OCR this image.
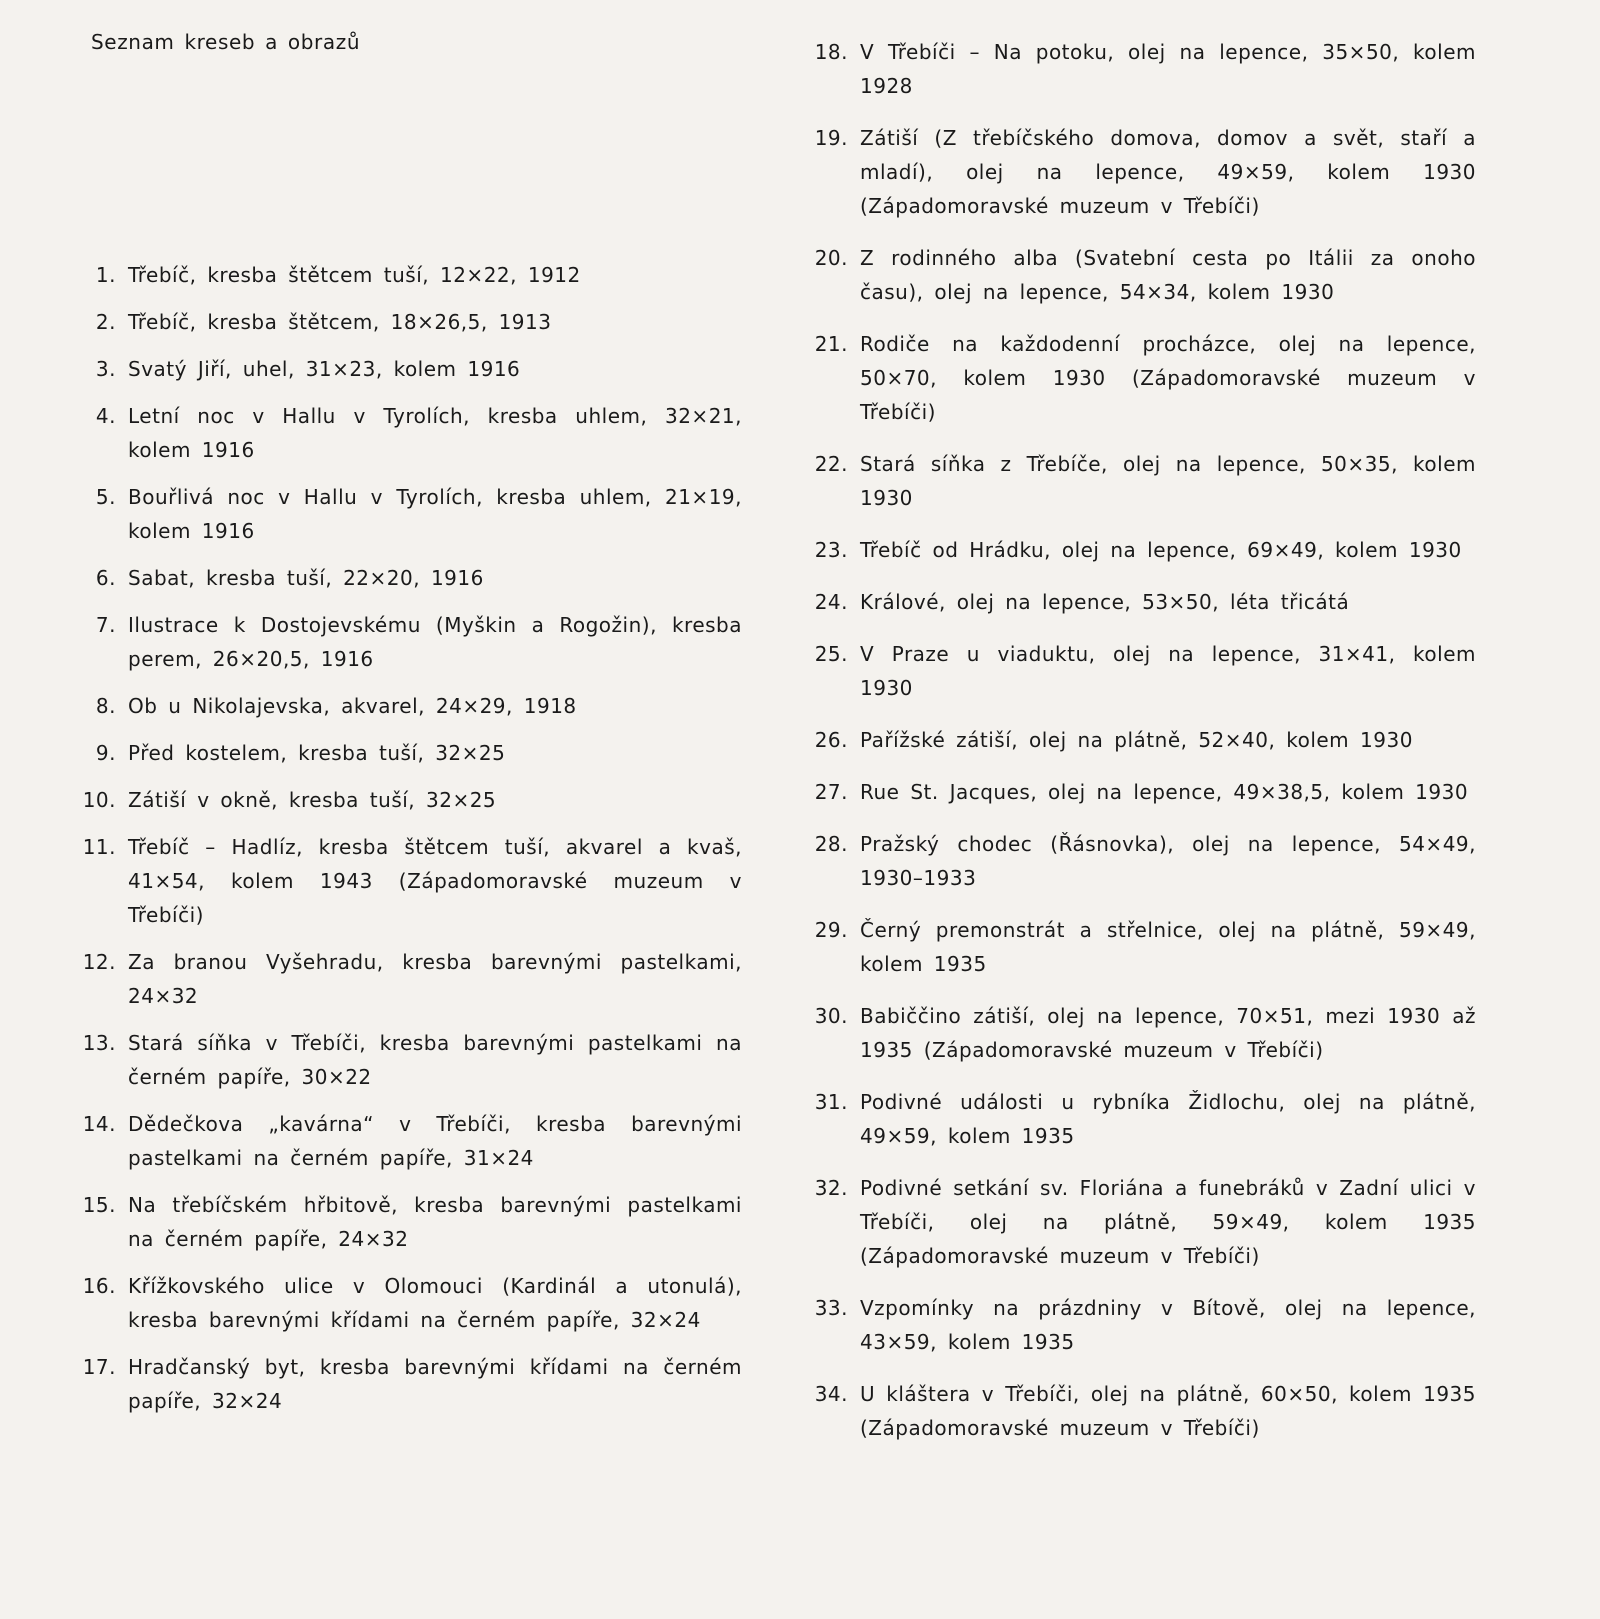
Seznam kreseb a obrazů
1. Třebíč, kresba štětcem tuší, 12×22, 1912
2. Třebíč, kresba štětcem, 18×26,5, 1913
3. Svatý Jiří, uhel, 31×23, kolem 1916
4. Letní noc v Hallu v Tyrolích, kresba uhlem, 32×21, kolem 1916
5. Bouřlivá noc v Hallu v Tyrolích, kresba uhlem, 21×19, kolem 1916
6. Sabat, kresba tuší, 22×20, 1916
7. Ilustrace k Dostojevskému (Myškin a Rogožin), kresba perem, 26×20,5, 1916
8. Ob u Nikolajevska, akvarel, 24×29, 1918
9. Před kostelem, kresba tuší, 32×25
10. Zátiší v okně, kresba tuší, 32×25
11. Třebíč – Hadlíz, kresba štětcem tuší, akvarel a kvaš, 41×54, kolem 1943 (Západomoravské muzeum v Třebíči)
12. Za branou Vyšehradu, kresba barevnými pastelkami, 24×32
13. Stará síňka v Třebíči, kresba barevnými pastelkami na černém papíře, 30×22
14. Dědečkova „kavárna“ v Třebíči, kresba barevnými pastelkami na černém papíře, 31×24
15. Na třebíčském hřbitově, kresba barevnými pastelkami na černém papíře, 24×32
16. Křížkovského ulice v Olomouci (Kardinál a utonulá), kresba barevnými křídami na černém papíře, 32×24
17. Hradčanský byt, kresba barevnými křídami na černém papíře, 32×24
18. V Třebíči – Na potoku, olej na lepence, 35×50, kolem 1928
19. Zátiší (Z třebíčského domova, domov a svět, staří a mladí), olej na lepence, 49×59, kolem 1930 (Západomoravské muzeum v Třebíči)
20. Z rodinného alba (Svatební cesta po Itálii za onoho času), olej na lepence, 54×34, kolem 1930
21. Rodiče na každodenní procházce, olej na lepence, 50×70, kolem 1930 (Západomoravské muzeum v Třebíči)
22. Stará síňka z Třebíče, olej na lepence, 50×35, kolem 1930
23. Třebíč od Hrádku, olej na lepence, 69×49, kolem 1930
24. Králové, olej na lepence, 53×50, léta třicátá
25. V Praze u viaduktu, olej na lepence, 31×41, kolem 1930
26. Pařížské zátiší, olej na plátně, 52×40, kolem 1930
27. Rue St. Jacques, olej na lepence, 49×38,5, kolem 1930
28. Pražský chodec (Řásnovka), olej na lepence, 54×49, 1930–1933
29. Černý premonstrát a střelnice, olej na plátně, 59×49, kolem 1935
30. Babiččino zátiší, olej na lepence, 70×51, mezi 1930 až 1935 (Západomoravské muzeum v Třebíči)
31. Podivné události u rybníka Židlochu, olej na plátně, 49×59, kolem 1935
32. Podivné setkání sv. Floriána a funebráků v Zadní ulici v Třebíči, olej na plátně, 59×49, kolem 1935 (Západomoravské muzeum v Třebíči)
33. Vzpomínky na prázdniny v Bítově, olej na lepence, 43×59, kolem 1935
34. U kláštera v Třebíči, olej na plátně, 60×50, kolem 1935 (Západomoravské muzeum v Třebíči)
